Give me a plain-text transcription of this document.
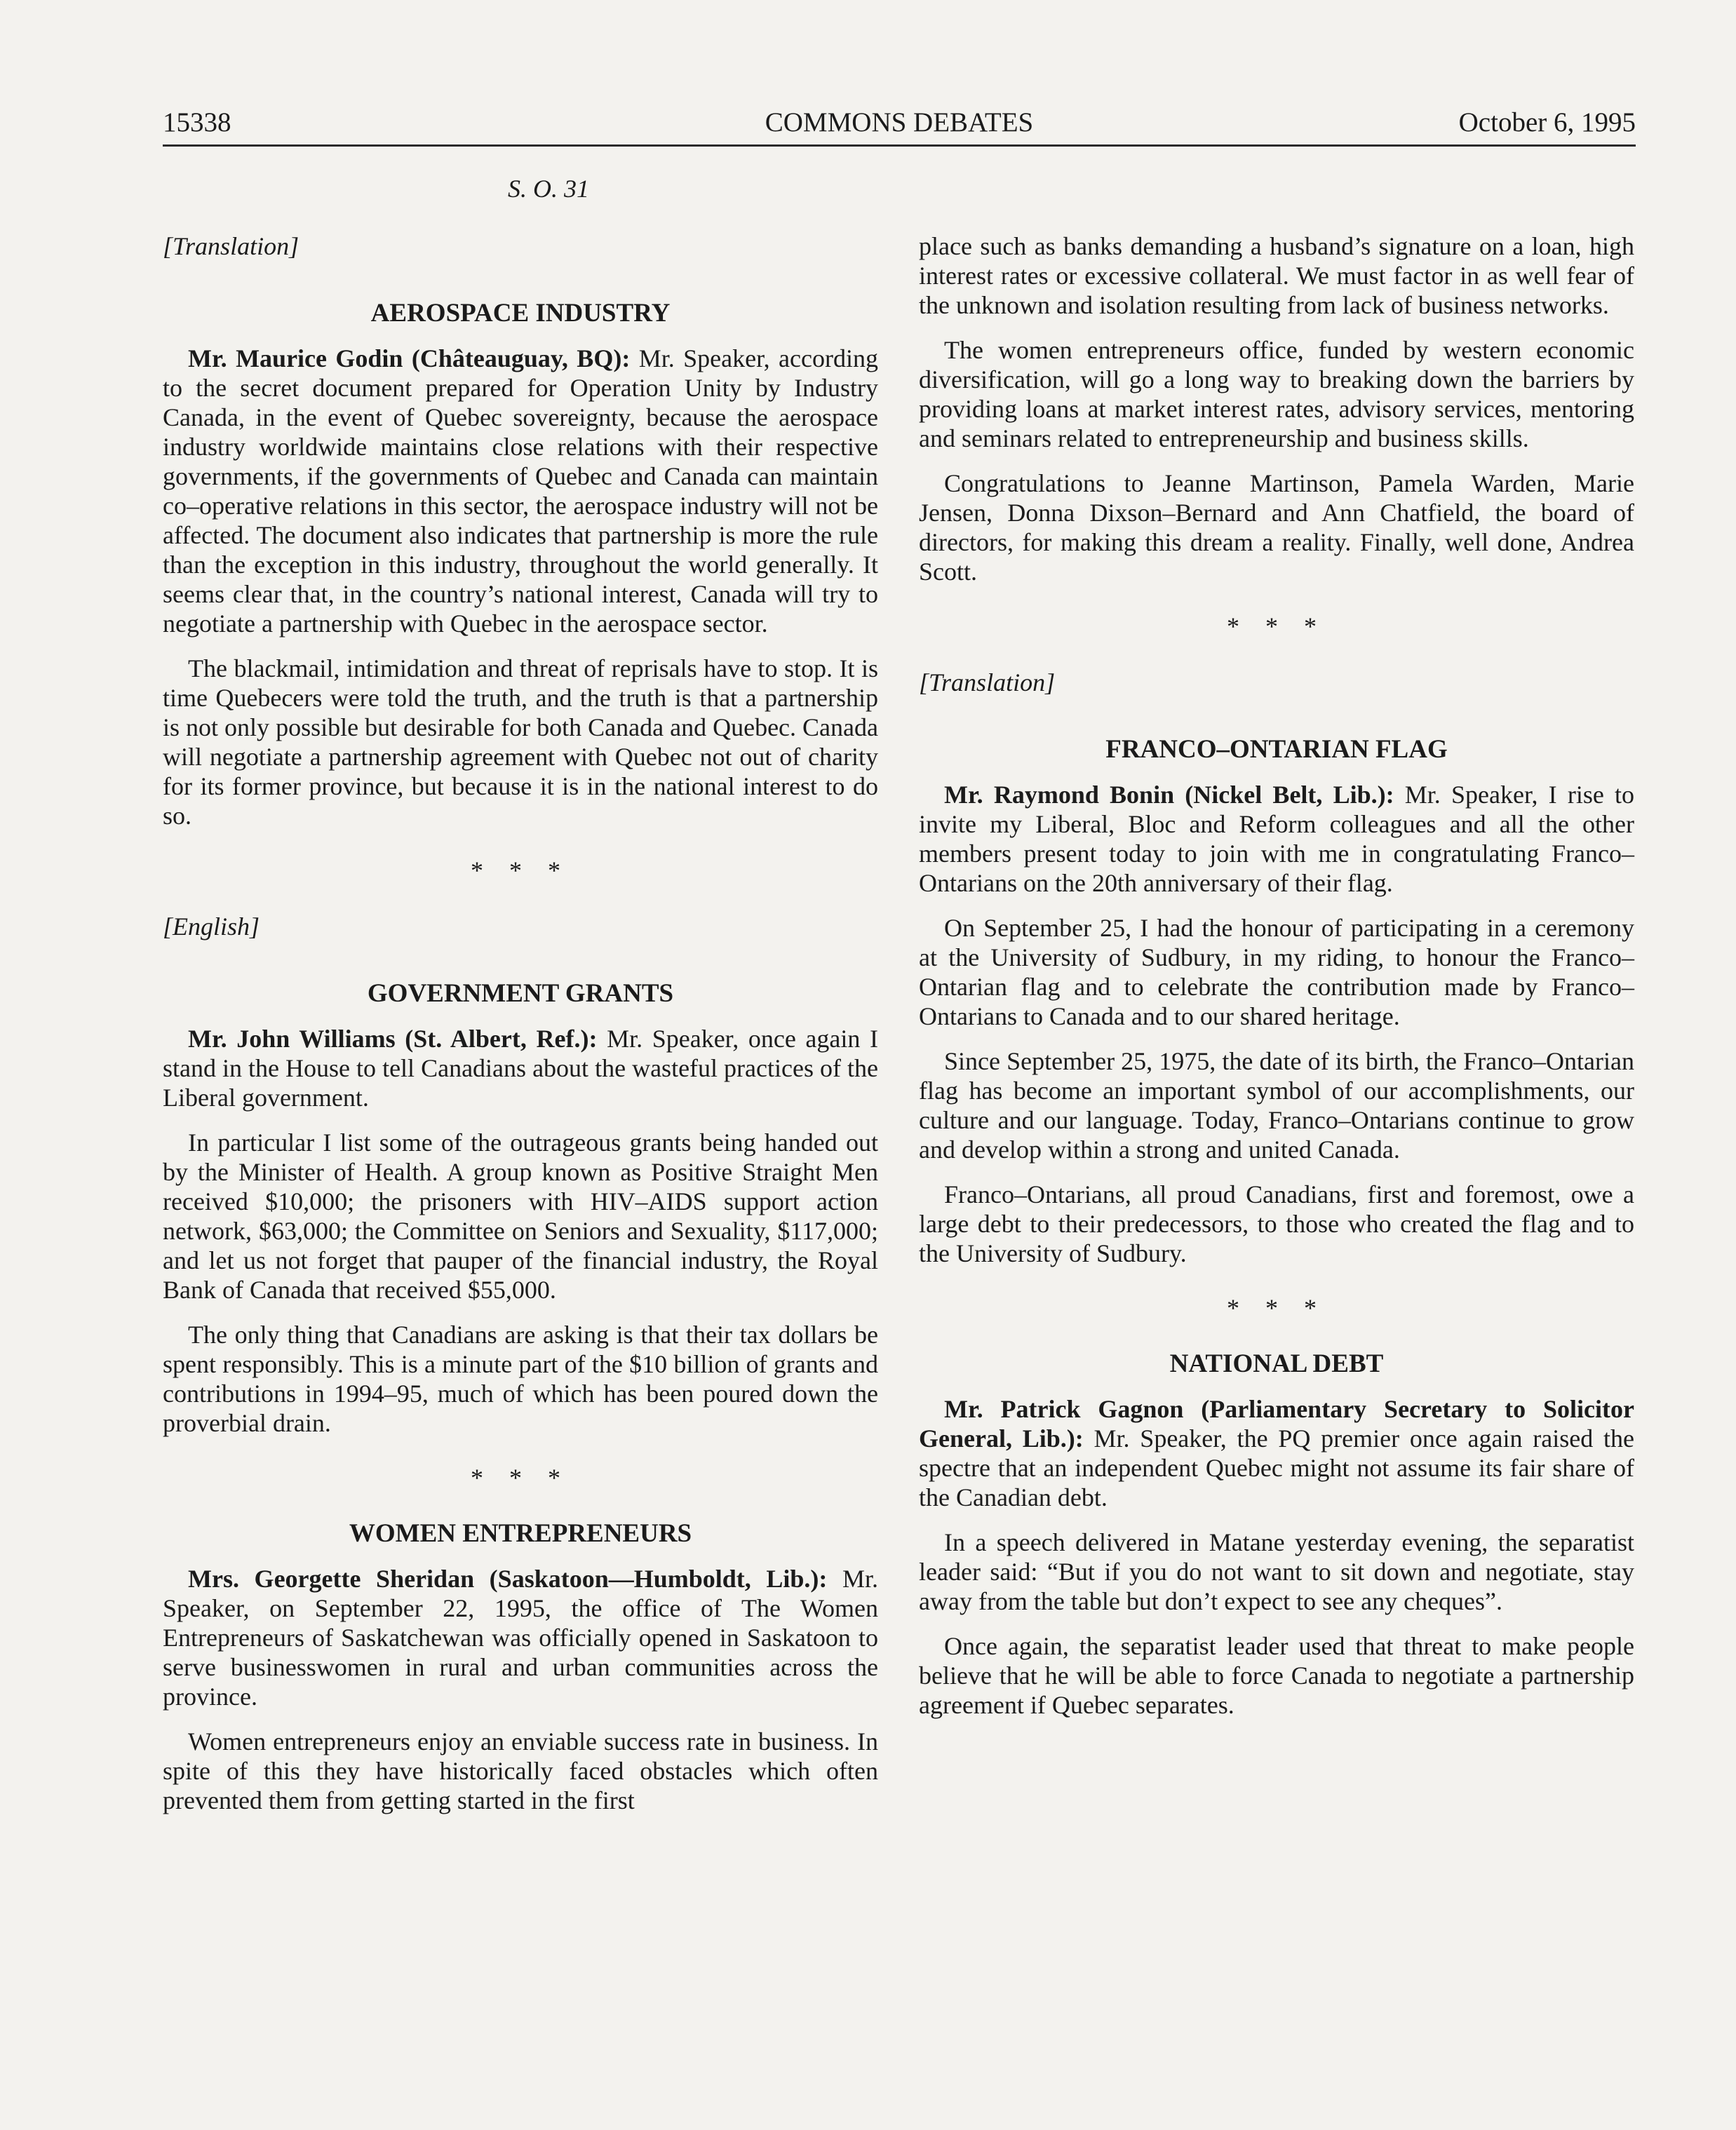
15338	COMMONS DEBATES	October 6, 1995
S. O. 31

[Translation]

AEROSPACE INDUSTRY

Mr. Maurice Godin (Châteauguay, BQ): Mr. Speaker, according to the secret document prepared for Operation Unity by Industry Canada, in the event of Quebec sovereignty, because the aerospace industry worldwide maintains close relations with their respective governments, if the governments of Quebec and Canada can maintain co–operative relations in this sector, the aerospace industry will not be affected. The document also indicates that partnership is more the rule than the exception in this industry, throughout the world generally. It seems clear that, in the country’s national interest, Canada will try to negotiate a partnership with Quebec in the aerospace sector.

The blackmail, intimidation and threat of reprisals have to stop. It is time Quebecers were told the truth, and the truth is that a partnership is not only possible but desirable for both Canada and Quebec. Canada will negotiate a partnership agreement with Quebec not out of charity for its former province, but because it is in the national interest to do so.

* * *

[English]

GOVERNMENT GRANTS

Mr. John Williams (St. Albert, Ref.): Mr. Speaker, once again I stand in the House to tell Canadians about the wasteful practices of the Liberal government.

In particular I list some of the outrageous grants being handed out by the Minister of Health. A group known as Positive Straight Men received $10,000; the prisoners with HIV–AIDS support action network, $63,000; the Committee on Seniors and Sexuality, $117,000; and let us not forget that pauper of the financial industry, the Royal Bank of Canada that received $55,000.

The only thing that Canadians are asking is that their tax dollars be spent responsibly. This is a minute part of the $10 billion of grants and contributions in 1994–95, much of which has been poured down the proverbial drain.

* * *
WOMEN ENTREPRENEURS

Mrs. Georgette Sheridan (Saskatoon—Humboldt, Lib.): Mr. Speaker, on September 22, 1995, the office of The Women Entrepreneurs of Saskatchewan was officially opened in Saskatoon to serve businesswomen in rural and urban communities across the province.

Women entrepreneurs enjoy an enviable success rate in business. In spite of this they have historically faced obstacles which often prevented them from getting started in the first

place such as banks demanding a husband’s signature on a loan, high interest rates or excessive collateral. We must factor in as well fear of the unknown and isolation resulting from lack of business networks.

The women entrepreneurs office, funded by western economic diversification, will go a long way to breaking down the barriers by providing loans at market interest rates, advisory services, mentoring and seminars related to entrepreneurship and business skills.

Congratulations to Jeanne Martinson, Pamela Warden, Marie Jensen, Donna Dixson–Bernard and Ann Chatfield, the board of directors, for making this dream a reality. Finally, well done, Andrea Scott.

* * *

[Translation]

FRANCO–ONTARIAN FLAG

Mr. Raymond Bonin (Nickel Belt, Lib.): Mr. Speaker, I rise to invite my Liberal, Bloc and Reform colleagues and all the other members present today to join with me in congratulating Franco–Ontarians on the 20th anniversary of their flag.

On September 25, I had the honour of participating in a ceremony at the University of Sudbury, in my riding, to honour the Franco–Ontarian flag and to celebrate the contribution made by Franco–Ontarians to Canada and to our shared heritage.

Since September 25, 1975, the date of its birth, the Franco–Ontarian flag has become an important symbol of our accomplishments, our culture and our language. Today, Franco–Ontarians continue to grow and develop within a strong and united Canada.

Franco–Ontarians, all proud Canadians, first and foremost, owe a large debt to their predecessors, to those who created the flag and to the University of Sudbury.

* * *
NATIONAL DEBT

Mr. Patrick Gagnon (Parliamentary Secretary to Solicitor General, Lib.): Mr. Speaker, the PQ premier once again raised the spectre that an independent Quebec might not assume its fair share of the Canadian debt.

In a speech delivered in Matane yesterday evening, the separatist leader said: “But if you do not want to sit down and negotiate, stay away from the table but don’t expect to see any cheques”.

Once again, the separatist leader used that threat to make people believe that he will be able to force Canada to negotiate a partnership agreement if Quebec separates.
